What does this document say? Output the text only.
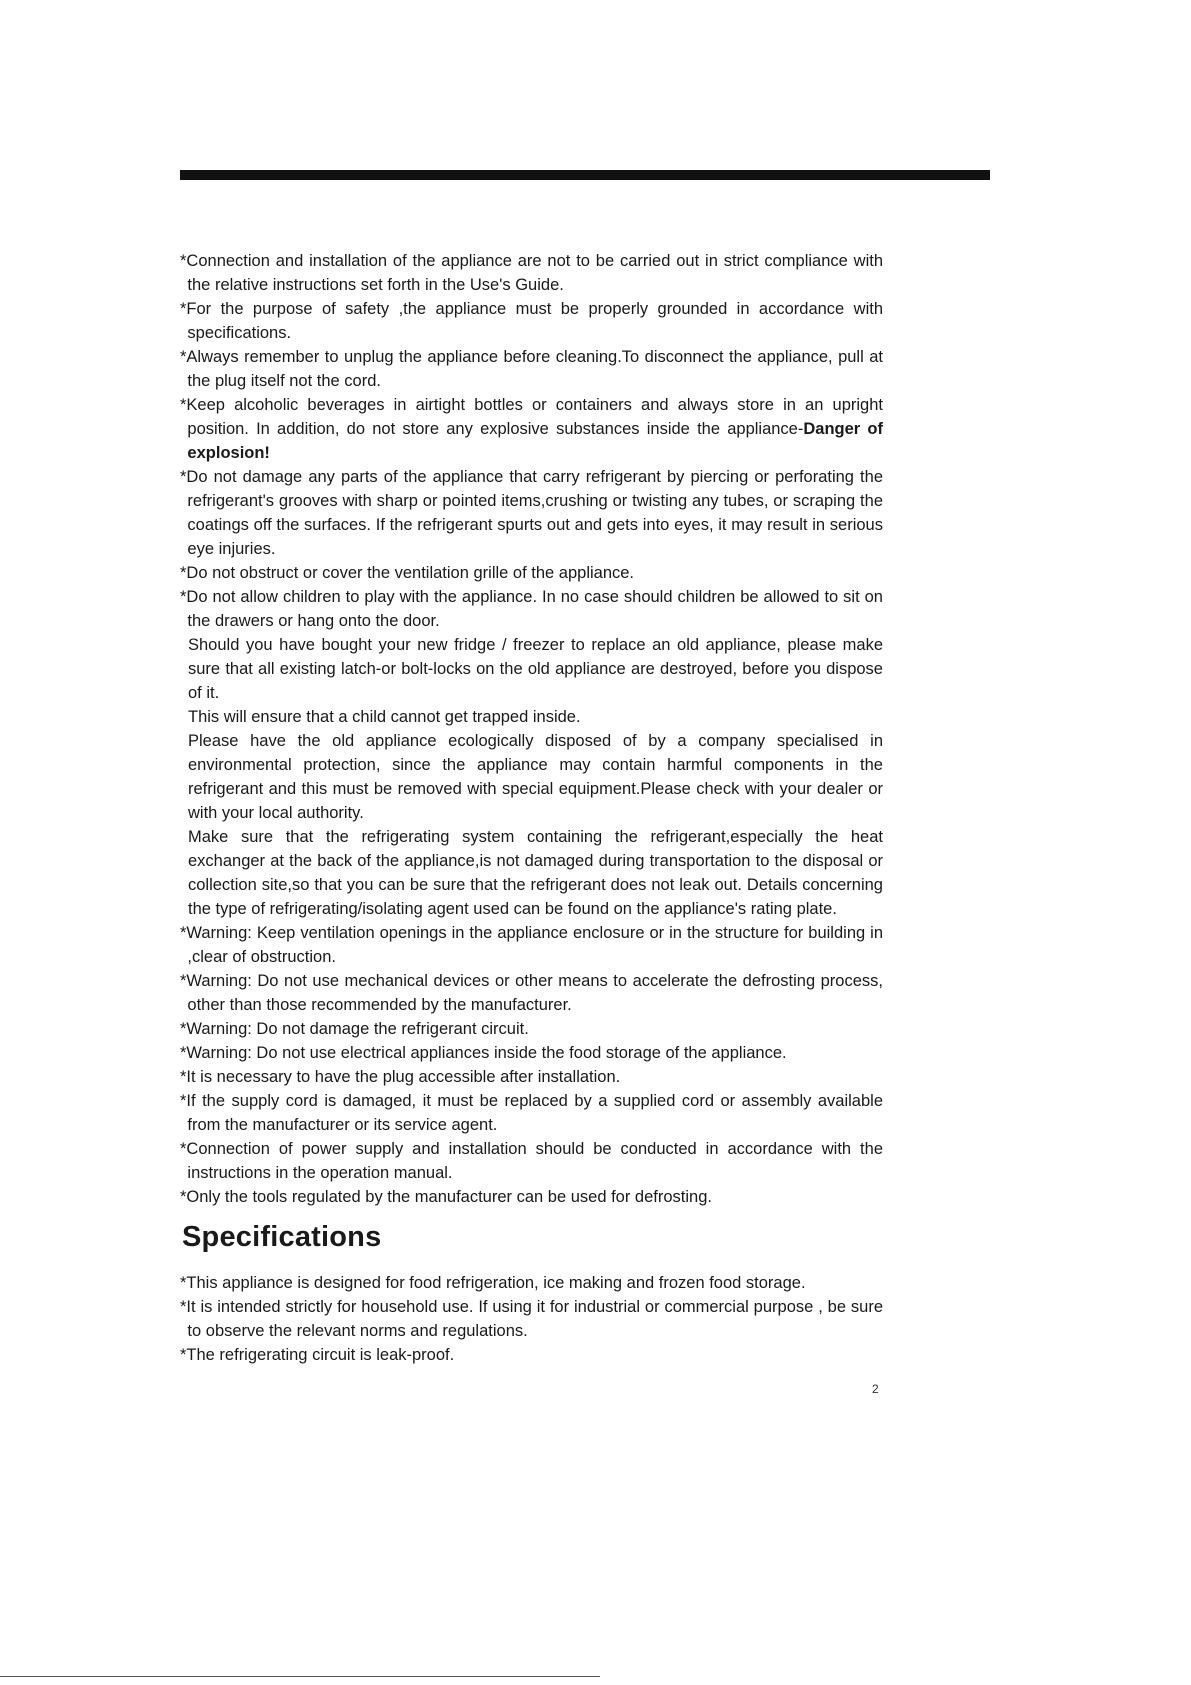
*Connection and installation of the appliance are not to be carried out in strict compliance with the relative instructions set forth in the Use's Guide.

*For the purpose of safety ,the appliance must be properly grounded in accordance with specifications.

*Always remember to unplug the appliance before cleaning.To disconnect the appliance, pull at the plug itself not the cord.

*Keep alcoholic beverages in airtight bottles or containers and always store in an upright position. In addition, do not store any explosive substances inside the appliance-Danger of explosion!

*Do not damage any parts of the appliance that carry refrigerant by piercing or perforating the refrigerant's grooves with sharp or pointed items,crushing or twisting any tubes, or scraping the coatings off the surfaces. If the refrigerant spurts out and gets into eyes, it may result in serious eye injuries.

*Do not obstruct or cover the ventilation grille of the appliance.

*Do not allow children to play with the appliance. In no case should children be allowed to sit on the drawers or hang onto the door.

Should you have bought your new fridge / freezer to replace an old appliance, please make sure that all existing latch-or bolt-locks on the old appliance are destroyed, before you dispose of it.

This will ensure that a child cannot get trapped inside.

Please have the old appliance ecologically disposed of by a company specialised in environmental protection, since the appliance may contain harmful components in the refrigerant and this must be removed with special equipment.Please check with your dealer or with your local authority.

Make sure that the refrigerating system containing the refrigerant,especially the heat exchanger at the back of the appliance,is not damaged during transportation to the disposal or collection site,so that you can be sure that the refrigerant does not leak out. Details concerning the type of refrigerating/isolating agent used can be found on the appliance's rating plate.

*Warning: Keep ventilation openings in the appliance enclosure or in the structure for building in ,clear of obstruction.

*Warning: Do not use mechanical devices or other means to accelerate the defrosting process, other than those recommended by the manufacturer.

*Warning: Do not damage the refrigerant circuit.

*Warning: Do not use electrical appliances inside the food storage of the appliance.

*It is necessary to have the plug accessible after installation.

*If the supply cord is damaged, it must be replaced by a supplied cord or assembly available from the manufacturer or its service agent.

*Connection of power supply and installation should be conducted in accordance with the instructions in the operation manual.

*Only the tools regulated by the manufacturer can be used for defrosting.

Specifications

*This appliance is designed for food refrigeration, ice making and frozen food storage.

*It is intended strictly for household use. If using it for industrial or commercial purpose , be sure to observe the relevant norms and regulations.

*The refrigerating circuit is leak-proof.

2
